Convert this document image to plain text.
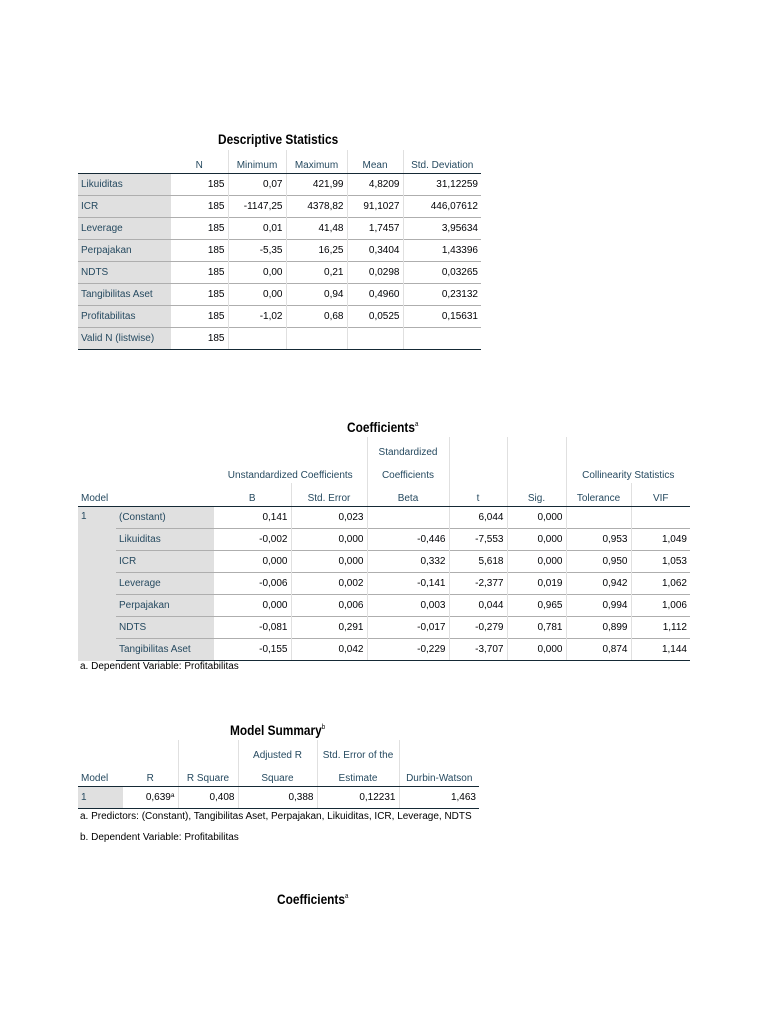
Descriptive Statistics
	N	Minimum	Maximum	Mean	Std. Deviation
Likuiditas	185	0,07	421,99	4,8209	31,12259
ICR	185	-1147,25	4378,82	91,1027	446,07612
Leverage	185	0,01	41,48	1,7457	3,95634
Perpajakan	185	-5,35	16,25	0,3404	1,43396
NDTS	185	0,00	0,21	0,0298	0,03265
Tangibilitas Aset	185	0,00	0,94	0,4960	0,23132
Profitabilitas	185	-1,02	0,68	0,0525	0,15631
Valid N (listwise)	185				
Coefficients$^a$
				Standardized				
		Unstandardized Coefficients		Coefficients			Collinearity Statistics	
Model		B	Std. Error	Beta	t	Sig.	Tolerance	VIF
1	(Constant)	0,141	0,023		6,044	0,000		
	Likuiditas	-0,002	0,000	-0,446	-7,553	0,000	0,953	1,049
	ICR	0,000	0,000	0,332	5,618	0,000	0,950	1,053
	Leverage	-0,006	0,002	-0,141	-2,377	0,019	0,942	1,062
	Perpajakan	0,000	0,006	0,003	0,044	0,965	0,994	1,006
	NDTS	-0,081	0,291	-0,017	-0,279	0,781	0,899	1,112
	Tangibilitas Aset	-0,155	0,042	-0,229	-3,707	0,000	0,874	1,144
a. Dependent Variable: Profitabilitas
Model Summary$^b$
			Adjusted R	Std. Error of the	
Model	R	R Square	Square	Estimate	Durbin-Watson
1	0,639$^a$	0,408	0,388	0,12231	1,463
a. Predictors: (Constant), Tangibilitas Aset, Perpajakan, Likuiditas, ICR, Leverage, NDTS
b. Dependent Variable: Profitabilitas
Coefficients$^a$
